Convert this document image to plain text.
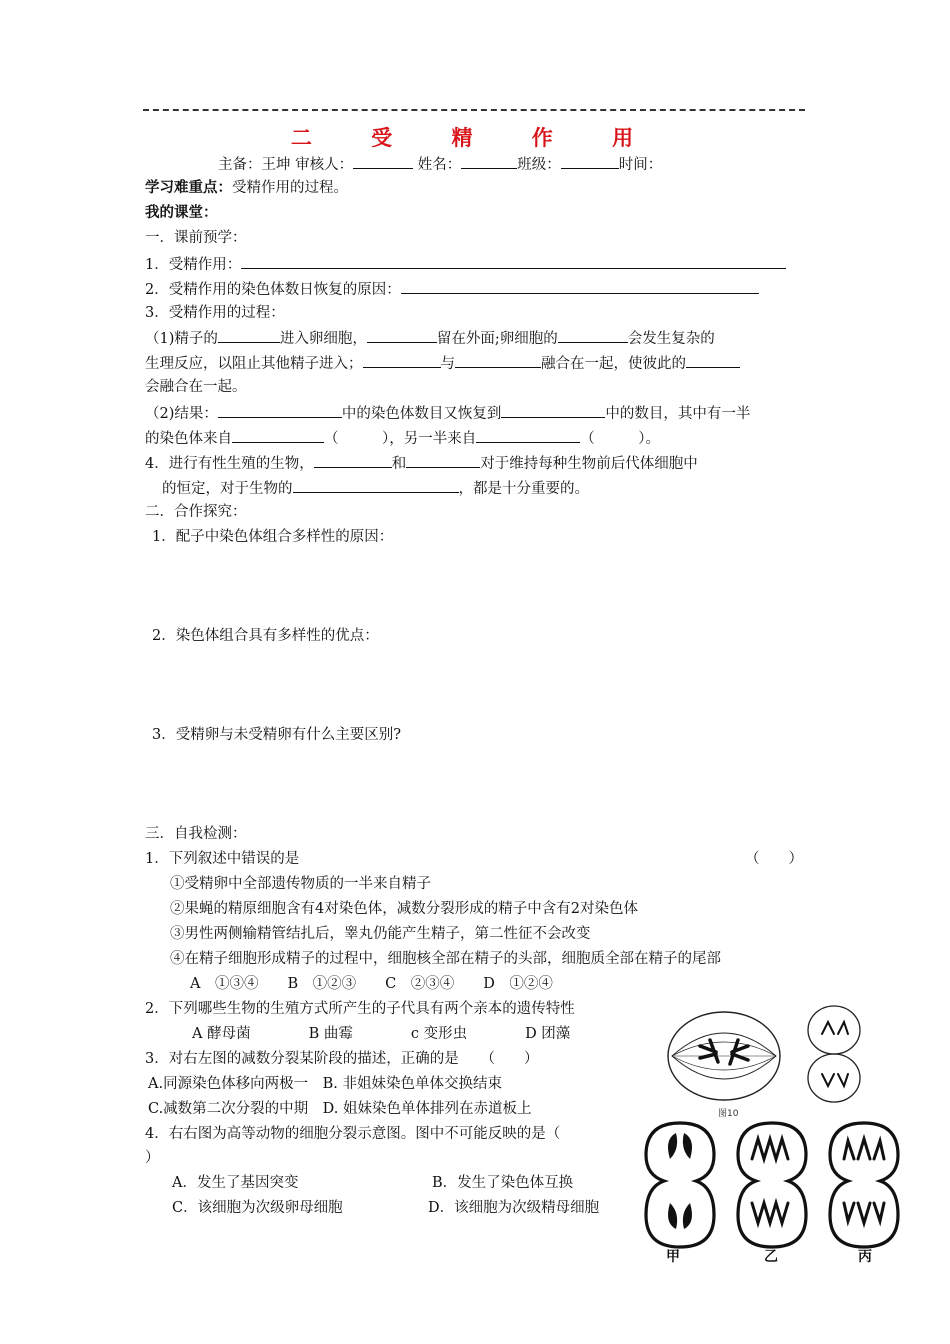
二 受 精 作 用
主备：王坤 审核人：	姓名：	班级：	时间：
学习难重点：受精作用的过程。
我的课堂：
一．课前预学：
1．受精作用：
2．受精作用的染色体数日恢复的原因：
3．受精作用的过程：
（1)精子的	进入卵细胞，	留在外面;卵细胞的	会发生复杂的
生理反应，以阻止其他精子进入；	与	融合在一起，使彼此的
会融合在一起。
（2)结果：	中的染色体数目又恢复到	中的数目，其中有一半
的染色体来自	（　　　），另一半来自	（　　　）。
4．进行有性生殖的生物，	和	对于维持每种生物前后代体细胞中
的恒定，对于生物的	，都是十分重要的。
二．合作探究：
1．配子中染色体组合多样性的原因：
2．染色体组合具有多样性的优点：
3．受精卵与未受精卵有什么主要区别?
三．自我检测：
1．下列叙述中错误的是	（　　）
①受精卵中全部遗传物质的一半来自精子
②果蝇的精原细胞含有4对染色体，减数分裂形成的精子中含有2对染色体
③男性两侧输精管结扎后，睾丸仍能产生精子，第二性征不会改变
④在精子细胞形成精子的过程中，细胞核全部在精子的头部，细胞质全部在精子的尾部
A　①③④　　B　①②③　　C　②③④　　D　①②④
2．下列哪些生物的生殖方式所产生的子代具有两个亲本的遗传特性
A 酵母菌　　　　B 曲霉　　　　c 变形虫　　　　D 团藻
3．对右左图的减数分裂某阶段的描述，正确的是　　（　　）
A.同源染色体移向两极一　B. 非姐妹染色单体交换结束
C.减数第二次分裂的中期　D. 姐妹染色单体排列在赤道板上
4．右右图为高等动物的细胞分裂示意图。图中不可能反映的是（
）
A．发生了基因突变	B．发生了染色体互换
C．该细胞为次级卵母细胞	D．该细胞为次级精母细胞
图10
甲	乙	丙
